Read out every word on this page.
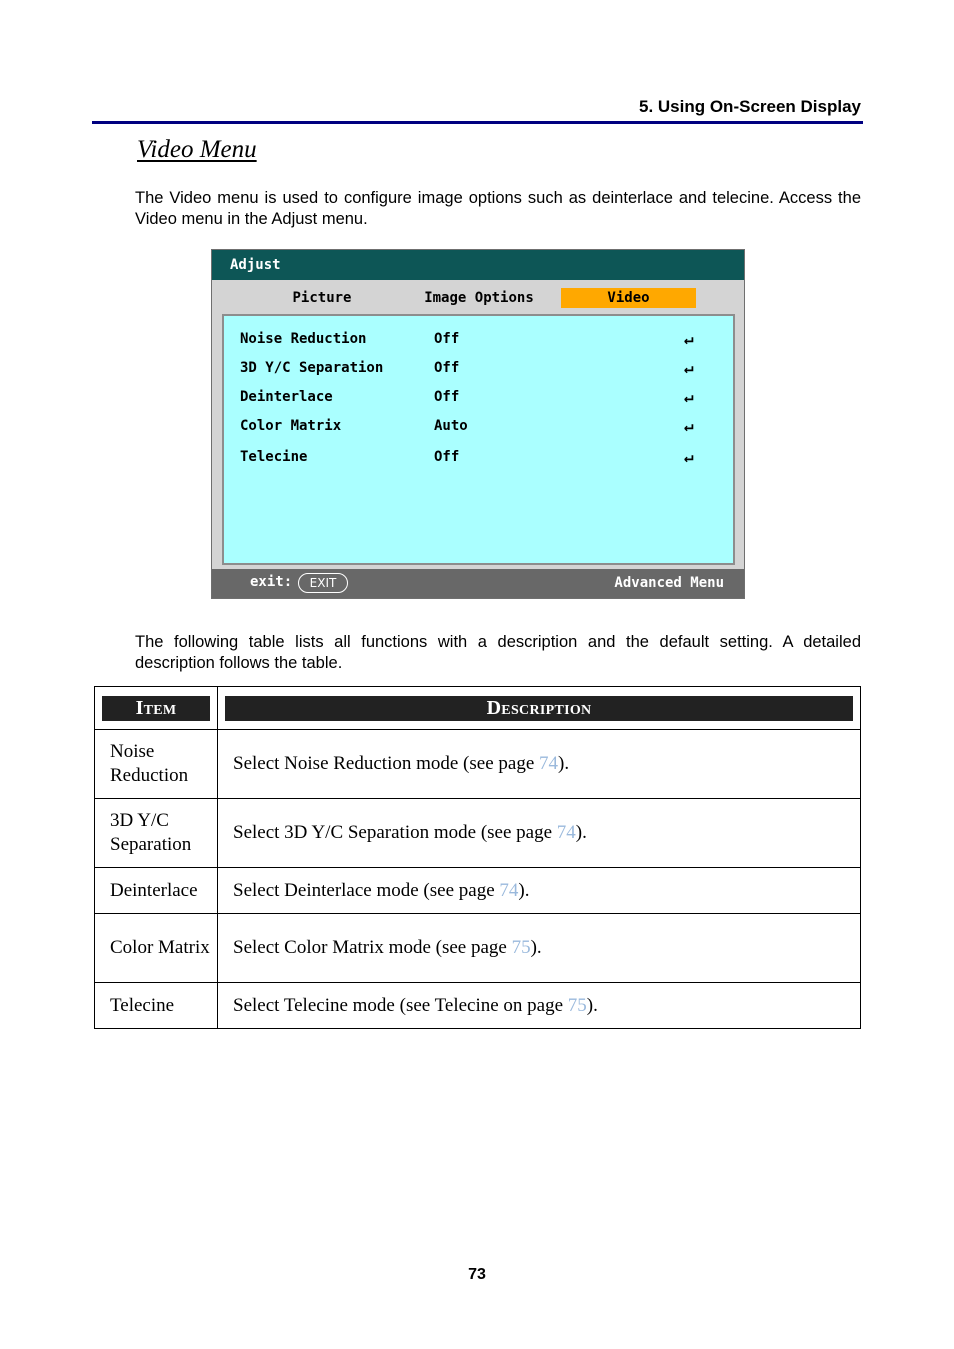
5. Using On-Screen Display
Video Menu
The Video menu is used to configure image options such as deinterlace and telecine. Access the Video menu in the Adjust menu.
Adjust
Picture	Image Options	Video
Noise Reduction	Off	↵
3D Y/C Separation	Off	↵
Deinterlace	Off	↵
Color Matrix	Auto	↵
Telecine	Off	↵
exit:	EXIT	Advanced Menu
The following table lists all functions with a description and the default setting. A detailed description follows the table.
Item	Description

Noise Reduction	Select Noise Reduction mode (see page 74).
3D Y/C Separation	Select 3D Y/C Separation mode (see page 74).
Deinterlace	Select Deinterlace mode (see page 74).
Color Matrix	Select Color Matrix mode (see page 75).
Telecine	Select Telecine mode (see Telecine on page 75).
73
